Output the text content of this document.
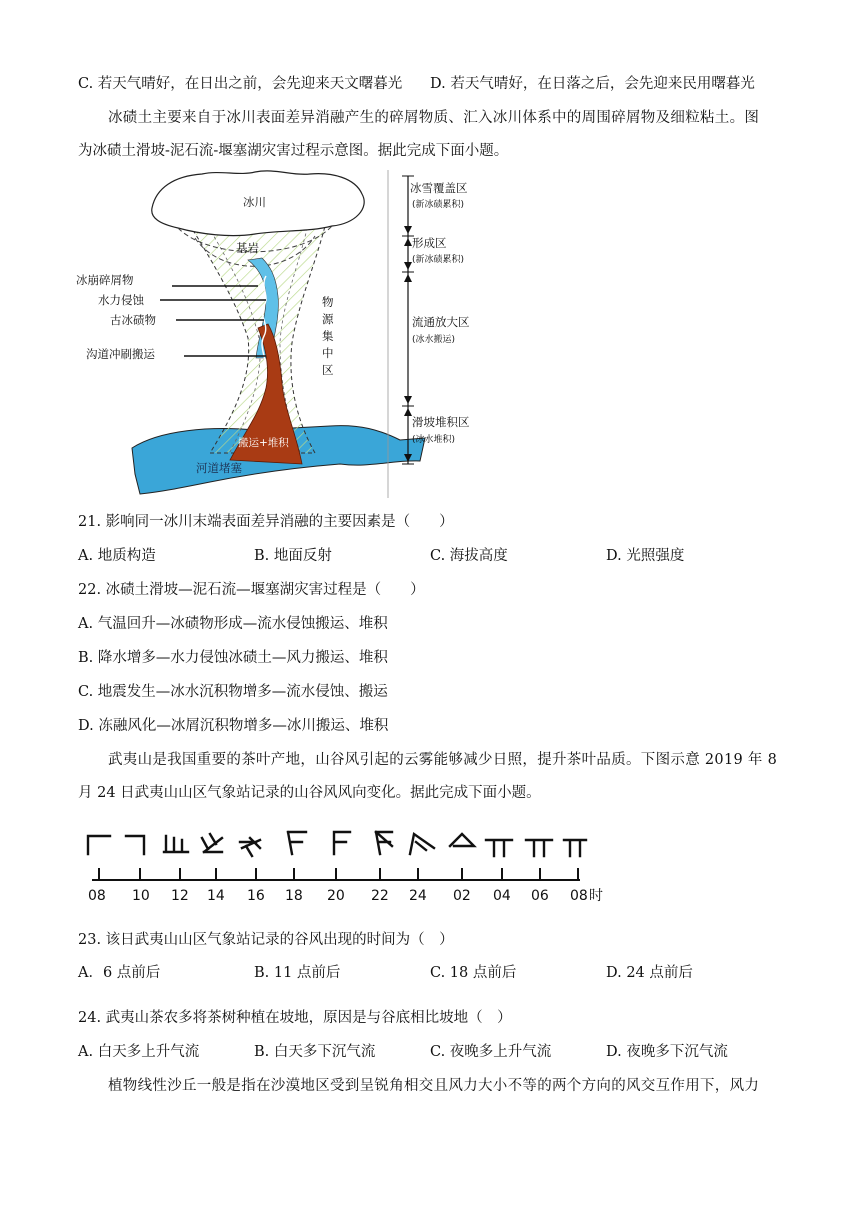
C. 若天气晴好，在日出之前，会先迎来天文曙暮光 D. 若天气晴好，在日落之后，会先迎来民用曙暮光
冰碛土主要来自于冰川表面差异消融产生的碎屑物质、汇入冰川体系中的周围碎屑物及细粒粘土。图
为冰碛土滑坡-泥石流-堰塞湖灾害过程示意图。据此完成下面小题。
冰川
基岩
冰崩碎屑物
水力侵蚀
古冰碛物
沟道冲刷搬运
物
源
集
中
区
搬运+堆积
河道堵塞
冰雪覆盖区
(新冰碛累积)
形成区
(新冰碛累积)
流通放大区
(冰水搬运)
滑坡堆积区
(冰水堆积)
21. 影响同一冰川末端表面差异消融的主要因素是（　　）
A. 地质构造	B. 地面反射	C. 海拔高度	D. 光照强度
22. 冰碛土滑坡—泥石流—堰塞湖灾害过程是（　　）
A. 气温回升—冰碛物形成—流水侵蚀搬运、堆积
B. 降水增多—水力侵蚀冰碛土—风力搬运、堆积
C. 地震发生—冰水沉积物增多—流水侵蚀、搬运
D. 冻融风化—冰屑沉积物增多—冰川搬运、堆积
武夷山是我国重要的茶叶产地，山谷风引起的云雾能够减少日照，提升茶叶品质。下图示意 2019 年 8
月 24 日武夷山山区气象站记录的山谷风风向变化。据此完成下面小题。
08 10 12 14 16 18 20 22 24 02 04 06 08 时
23. 该日武夷山山区气象站记录的谷风出现的时间为（　）
A．6 点前后	B. 11 点前后	C. 18 点前后	D. 24 点前后
24. 武夷山茶农多将茶树种植在坡地，原因是与谷底相比坡地（　）
A. 白天多上升气流	B. 白天多下沉气流	C. 夜晚多上升气流	D. 夜晚多下沉气流
植物线性沙丘一般是指在沙漠地区受到呈锐角相交且风力大小不等的两个方向的风交互作用下，风力
